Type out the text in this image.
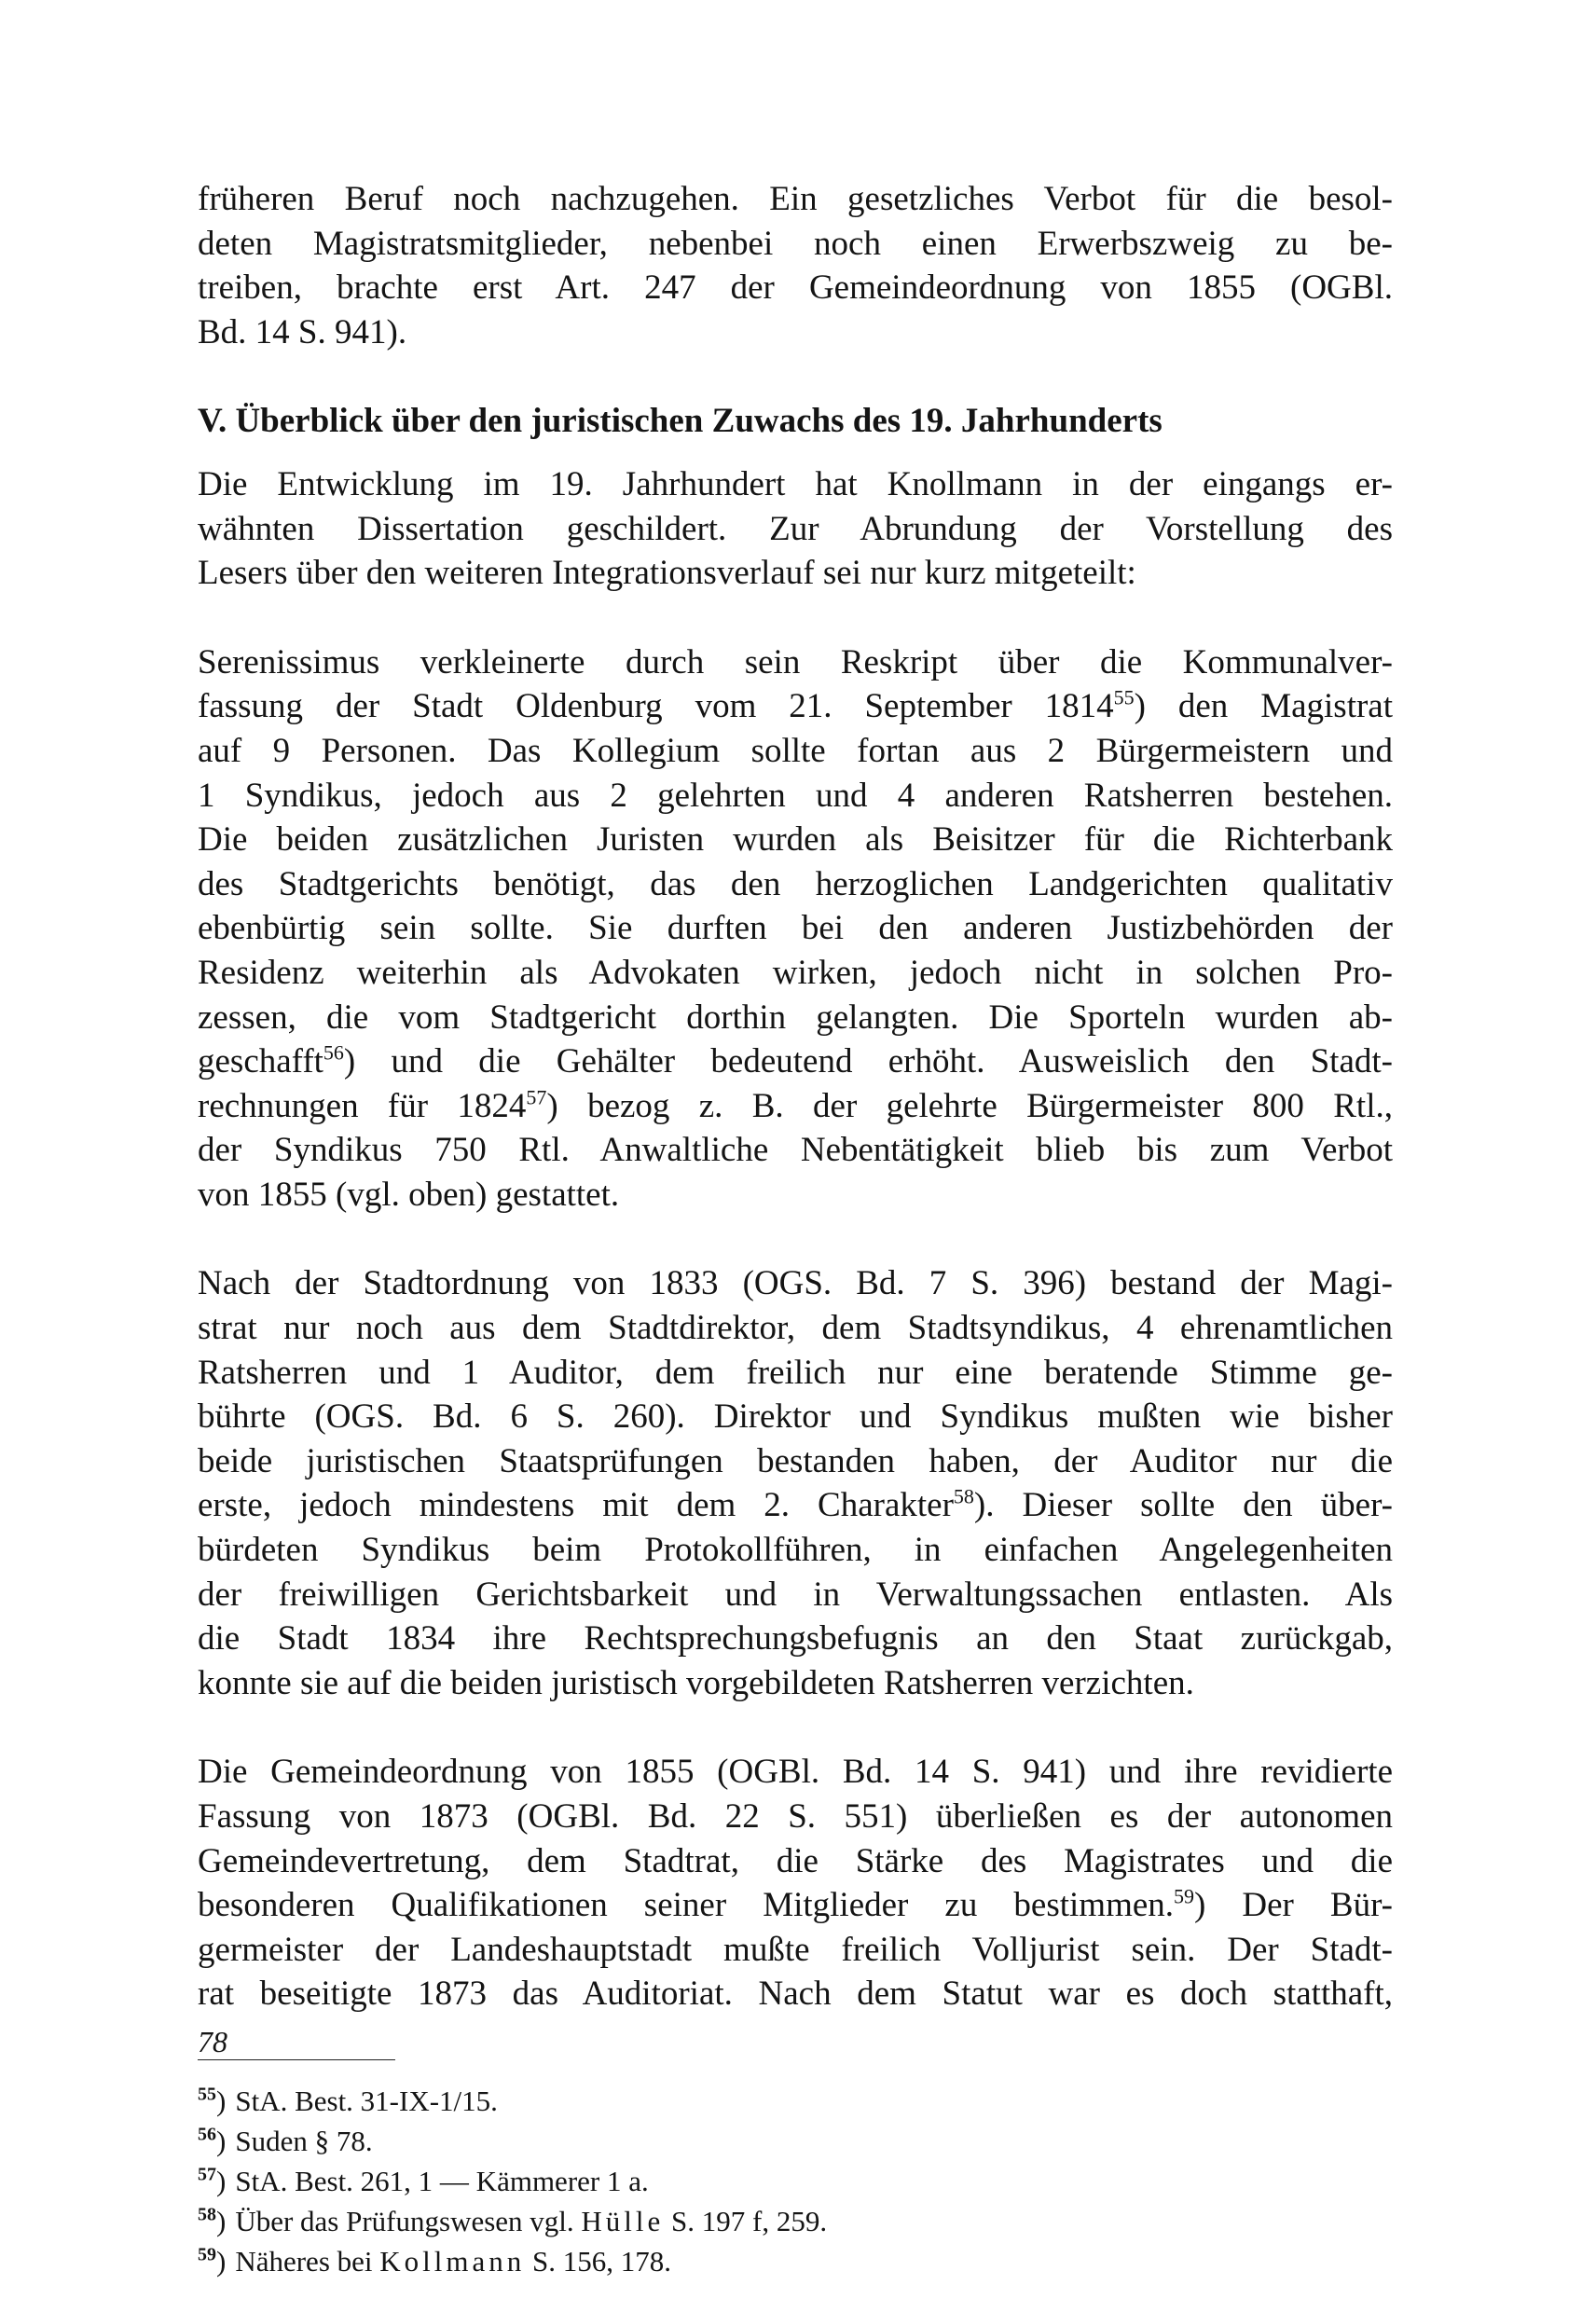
früheren Beruf noch nachzugehen. Ein gesetzliches Verbot für die besol-
deten Magistratsmitglieder, nebenbei noch einen Erwerbszweig zu be-
treiben, brachte erst Art. 247 der Gemeindeordnung von 1855 (OGBl.
Bd. 14 S. 941).

V. Überblick über den juristischen Zuwachs des 19. Jahrhunderts

Die Entwicklung im 19. Jahrhundert hat Knollmann in der eingangs er-
wähnten Dissertation geschildert. Zur Abrundung der Vorstellung des
Lesers über den weiteren Integrationsverlauf sei nur kurz mitgeteilt:

Serenissimus verkleinerte durch sein Reskript über die Kommunalver-
fassung der Stadt Oldenburg vom 21. September 1814$^{55}$) den Magistrat
auf 9 Personen. Das Kollegium sollte fortan aus 2 Bürgermeistern und
1 Syndikus, jedoch aus 2 gelehrten und 4 anderen Ratsherren bestehen.
Die beiden zusätzlichen Juristen wurden als Beisitzer für die Richterbank
des Stadtgerichts benötigt, das den herzoglichen Landgerichten qualitativ
ebenbürtig sein sollte. Sie durften bei den anderen Justizbehörden der
Residenz weiterhin als Advokaten wirken, jedoch nicht in solchen Pro-
zessen, die vom Stadtgericht dorthin gelangten. Die Sporteln wurden ab-
geschafft$^{56}$) und die Gehälter bedeutend erhöht. Ausweislich den Stadt-
rechnungen für 1824$^{57}$) bezog z. B. der gelehrte Bürgermeister 800 Rtl.,
der Syndikus 750 Rtl. Anwaltliche Nebentätigkeit blieb bis zum Verbot
von 1855 (vgl. oben) gestattet.

Nach der Stadtordnung von 1833 (OGS. Bd. 7 S. 396) bestand der Magi-
strat nur noch aus dem Stadtdirektor, dem Stadtsyndikus, 4 ehrenamtlichen
Ratsherren und 1 Auditor, dem freilich nur eine beratende Stimme ge-
bührte (OGS. Bd. 6 S. 260). Direktor und Syndikus mußten wie bisher
beide juristischen Staatsprüfungen bestanden haben, der Auditor nur die
erste, jedoch mindestens mit dem 2. Charakter$^{58}$). Dieser sollte den über-
bürdeten Syndikus beim Protokollführen, in einfachen Angelegenheiten
der freiwilligen Gerichtsbarkeit und in Verwaltungssachen entlasten. Als
die Stadt 1834 ihre Rechtsprechungsbefugnis an den Staat zurückgab,
konnte sie auf die beiden juristisch vorgebildeten Ratsherren verzichten.

Die Gemeindeordnung von 1855 (OGBl. Bd. 14 S. 941) und ihre revidierte
Fassung von 1873 (OGBl. Bd. 22 S. 551) überließen es der autonomen
Gemeindevertretung, dem Stadtrat, die Stärke des Magistrates und die
besonderen Qualifikationen seiner Mitglieder zu bestimmen.$^{59}$) Der Bür-
germeister der Landeshauptstadt mußte freilich Volljurist sein. Der Stadt-
rat beseitigte 1873 das Auditoriat. Nach dem Statut war es doch statthaft,

$^{55}$) StA. Best. 31-IX-1/15.
$^{56}$) Suden § 78.
$^{57}$) StA. Best. 261, 1 — Kämmerer 1 a.
$^{58}$) Über das Prüfungswesen vgl. Hülle S. 197 f, 259.
$^{59}$) Näheres bei Kollmann S. 156, 178.
78
